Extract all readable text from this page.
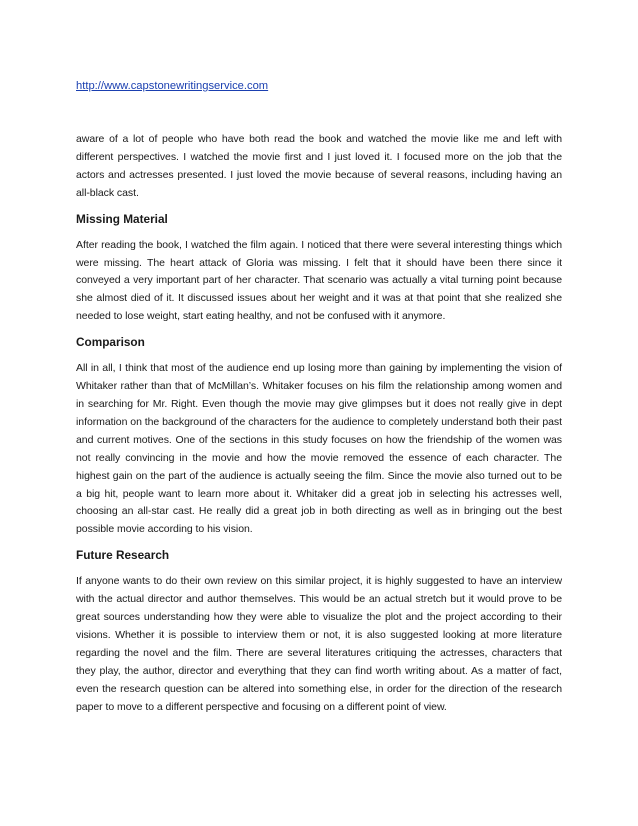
http://www.capstonewritingservice.com

aware of a lot of people who have both read the book and watched the movie like me and left with different perspectives. I watched the movie first and I just loved it. I focused more on the job that the actors and actresses presented. I just loved the movie because of several reasons, including having an all-black cast.

Missing Material

After reading the book, I watched the film again. I noticed that there were several interesting things which were missing. The heart attack of Gloria was missing. I felt that it should have been there since it conveyed a very important part of her character. That scenario was actually a vital turning point because she almost died of it. It discussed issues about her weight and it was at that point that she realized she needed to lose weight, start eating healthy, and not be confused with it anymore.

Comparison

All in all, I think that most of the audience end up losing more than gaining by implementing the vision of Whitaker rather than that of McMillan’s. Whitaker focuses on his film the relationship among women and in searching for Mr. Right. Even though the movie may give glimpses but it does not really give in dept information on the background of the characters for the audience to completely understand both their past and current motives. One of the sections in this study focuses on how the friendship of the women was not really convincing in the movie and how the movie removed the essence of each character. The highest gain on the part of the audience is actually seeing the film. Since the movie also turned out to be a big hit, people want to learn more about it. Whitaker did a great job in selecting his actresses well, choosing an all-star cast. He really did a great job in both directing as well as in bringing out the best possible movie according to his vision.

Future Research

If anyone wants to do their own review on this similar project, it is highly suggested to have an interview with the actual director and author themselves. This would be an actual stretch but it would prove to be great sources understanding how they were able to visualize the plot and the project according to their visions. Whether it is possible to interview them or not, it is also suggested looking at more literature regarding the novel and the film. There are several literatures critiquing the actresses, characters that they play, the author, director and everything that they can find worth writing about. As a matter of fact, even the research question can be altered into something else, in order for the direction of the research paper to move to a different perspective and focusing on a different point of view.
